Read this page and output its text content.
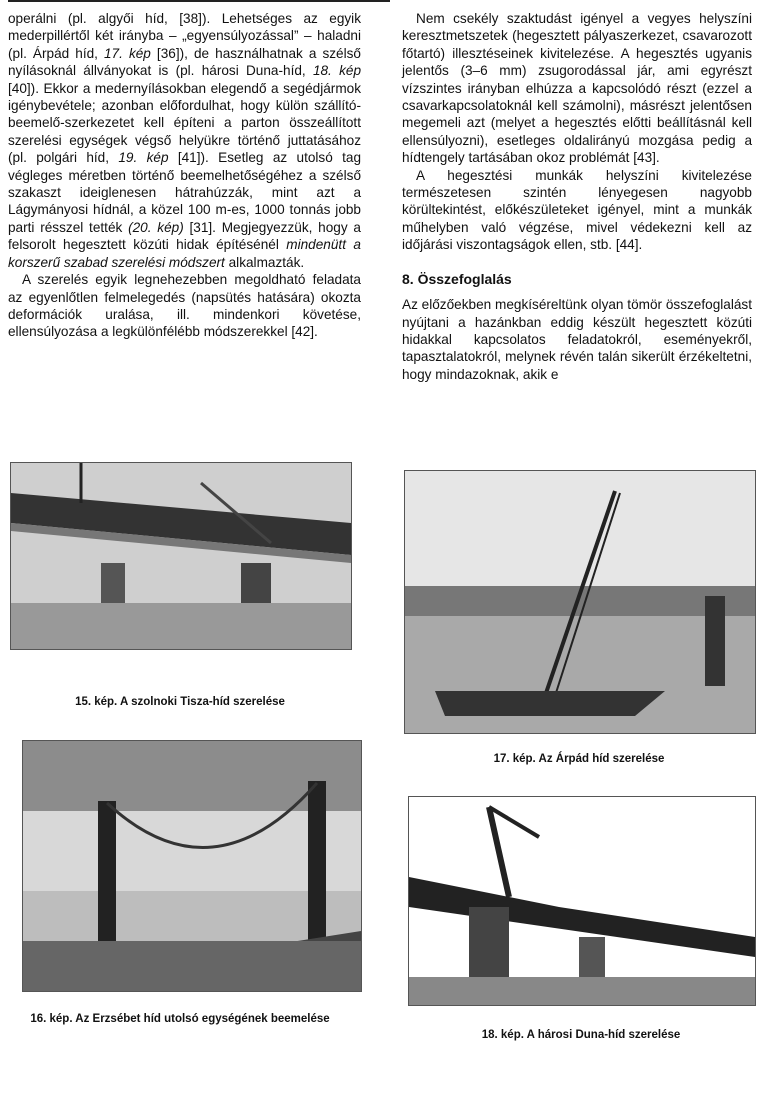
operálni (pl. algyői híd, [38]). Lehetséges az egyik mederpillértől két irányba – „egyensúlyozással” – haladni (pl. Árpád híd, 17. kép [36]), de használhatnak a szélső nyílásoknál állványokat is (pl. hárosi Duna-híd, 18. kép [40]). Ekkor a medernyílásokban elegendő a segédjármok igénybevétele; azonban előfordulhat, hogy külön szállító- beemelő-szerkezetet kell építeni a parton összeállított szerelési egységek végső helyükre történő juttatásához (pl. polgári híd, 19. kép [41]). Esetleg az utolsó tag végleges méretben történő beemelhetőségéhez a szélső szakaszt ideiglenesen hátrahúzzák, mint azt a Lágymányosi hídnál, a közel 100 m-es, 1000 tonnás jobb parti résszel tették (20. kép) [31]. Megjegyezzük, hogy a felsorolt hegesztett közúti hidak építésénél mindenütt a korszerű szabad szerelési módszert alkalmazták.

A szerelés egyik legnehezebben megoldható feladata az egyenlőtlen felmelegedés (napsütés hatására) okozta deformációk uralása, ill. mindenkori követése, ellensúlyozása a legkülönfélébb módszerekkel [42].

Nem csekély szaktudást igényel a vegyes helyszíni keresztmetszetek (hegesztett pályaszerkezet, csavarozott főtartó) illesztéseinek kivitelezése. A hegesztés ugyanis jelentős (3–6 mm) zsugorodással jár, ami egyrészt vízszintes irányban elhúzza a kapcsolódó részt (ezzel a csavarkapcsolatoknál kell számolni), másrészt jelentősen megemeli azt (melyet a hegesztés előtti beállításnál kell ellensúlyozni), esetleges oldalirányú mozgása pedig a hídtengely tartásában okoz problémát [43].

A hegesztési munkák helyszíni kivitelezése természetesen szintén lényegesen nagyobb körültekintést, előkészületeket igényel, mint a munkák műhelyben való végzése, mivel védekezni kell az időjárási viszontagságok ellen, stb. [44].

8. Összefoglalás

Az előzőekben megkíséreltünk olyan tömör összefoglalást nyújtani a hazánkban eddig készült hegesztett közúti hidakkal kapcsolatos feladatokról, eseményekről, tapasztalatokról, melynek révén talán sikerült érzékeltetni, hogy mindazoknak, akik e

15. kép. A szolnoki Tisza-híd szerelése
16. kép. Az Erzsébet híd utolsó egységének beemelése
17. kép. Az Árpád híd szerelése
18. kép. A hárosi Duna-híd szerelése
